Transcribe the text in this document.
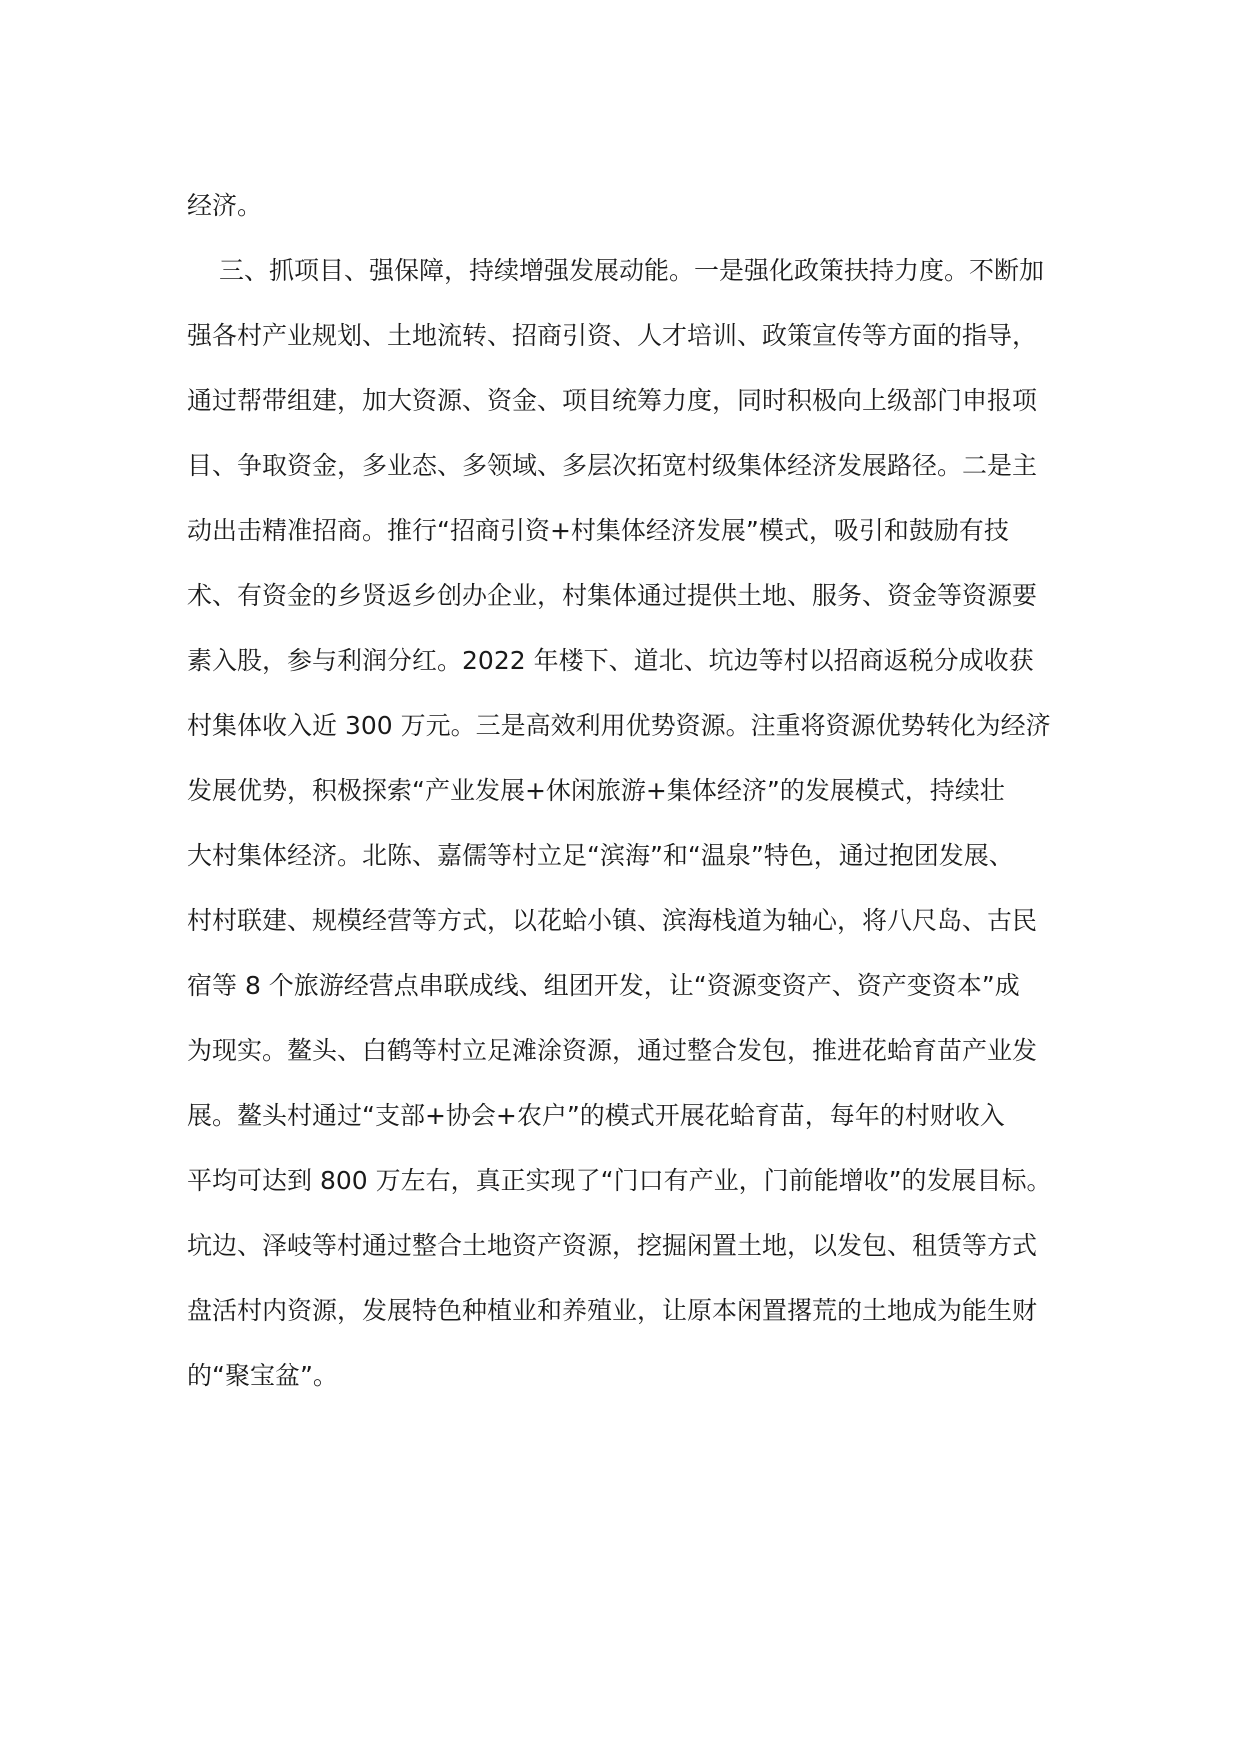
经济。
三、抓项目、强保障，持续增强发展动能。一是强化政策扶持力度。不断加
强各村产业规划、土地流转、招商引资、人才培训、政策宣传等方面的指导，
通过帮带组建，加大资源、资金、项目统筹力度，同时积极向上级部门申报项
目、争取资金，多业态、多领域、多层次拓宽村级集体经济发展路径。二是主
动出击精准招商。推行“招商引资+村集体经济发展”模式，吸引和鼓励有技
术、有资金的乡贤返乡创办企业，村集体通过提供土地、服务、资金等资源要
素入股，参与利润分红。2022 年楼下、道北、坑边等村以招商返税分成收获
村集体收入近 300 万元。三是高效利用优势资源。注重将资源优势转化为经济
发展优势，积极探索“产业发展+休闲旅游+集体经济”的发展模式，持续壮
大村集体经济。北陈、嘉儒等村立足“滨海”和“温泉”特色，通过抱团发展、
村村联建、规模经营等方式，以花蛤小镇、滨海栈道为轴心，将八尺岛、古民
宿等 8 个旅游经营点串联成线、组团开发，让“资源变资产、资产变资本”成
为现实。鳌头、白鹤等村立足滩涂资源，通过整合发包，推进花蛤育苗产业发
展。鳌头村通过“支部+协会+农户”的模式开展花蛤育苗，每年的村财收入
平均可达到 800 万左右，真正实现了“门口有产业，门前能增收”的发展目标。
坑边、泽岐等村通过整合土地资产资源，挖掘闲置土地，以发包、租赁等方式
盘活村内资源，发展特色种植业和养殖业，让原本闲置撂荒的土地成为能生财
的“聚宝盆”。
